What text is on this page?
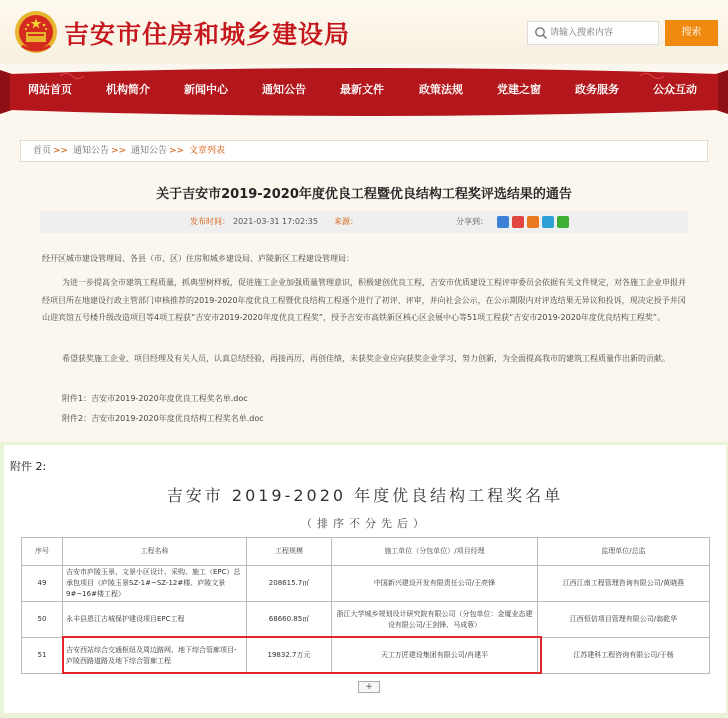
吉安市住房和城乡建设局
请输入搜索内容	搜索
网站首页	机构简介	新闻中心	通知公告	最新文件	政策法规	党建之窗	政务服务	公众互动
首页 >> 通知公告 >> 通知公告 >> 文章列表
关于吉安市2019-2020年度优良工程暨优良结构工程奖评选结果的通告
发布时间： 2021-03-31 17:02:35 来源：	分享到：

经开区城市建设管理局、各县（市、区）住房和城乡建设局、庐陵新区工程建设管理局：

为进一步提高全市建筑工程质量，抓典型树样板，促进施工企业加强质量管理意识，积极建创优良工程，吉安市优质建设工程评审委员会依据有关文件规定，对各施工企业申报并经项目所在地建设行政主管部门审核推荐的2019-2020年度优良工程暨优良结构工程逐个进行了初评、评审，并向社会公示，在公示期限内对评选结果无异议和投诉，现决定授予井冈山迎宾馆五号楼升级改造项目等4项工程获“吉安市2019-2020年度优良工程奖”，授予吉安市高铁新区核心区会展中心等51项工程获“吉安市2019-2020年度优良结构工程奖”。

希望获奖施工企业、项目经理及有关人员，认真总结经验，再接再厉，再创佳绩，未获奖企业应向获奖企业学习，努力创新，为全面提高我市的建筑工程质量作出新的贡献。

附件1：吉安市2019-2020年度优良工程奖名单.doc

附件2：吉安市2019-2020年度优良结构工程奖名单.doc

附件 2:
吉安市 2019-2020 年度优良结构工程奖名单
（排序不分先后）
序号	工程名称	工程规模	施工单位（分包单位）/项目经理	监理单位/总监
49	吉安市庐陵玉景、文景小区设计、采购、施工（EPC）总承包项目（庐陵玉景SZ-1#~SZ-12#楼、庐陵文景9#~16#楼工程）	208615.7㎡	中国新兴建设开发有限责任公司/王亮锋	江西江南工程管理咨询有限公司/黄晓燕
50	永丰县恩江古城保护建设项目EPC工程	68660.85㎡	浙江大学城乡规划设计研究院有限公司（分包单位：金厦业态建设有限公司/王剑锋、马成蓉）	江西恒信项目管理有限公司/翁乾华
51	吉安西站综合交通枢纽及周边路网、地下综合管廊项目-庐陵西路道路及地下综合管廊工程	19832.7万元	天工万匠建设集团有限公司/肖建平	江苏建科工程咨询有限公司/于杨
+
